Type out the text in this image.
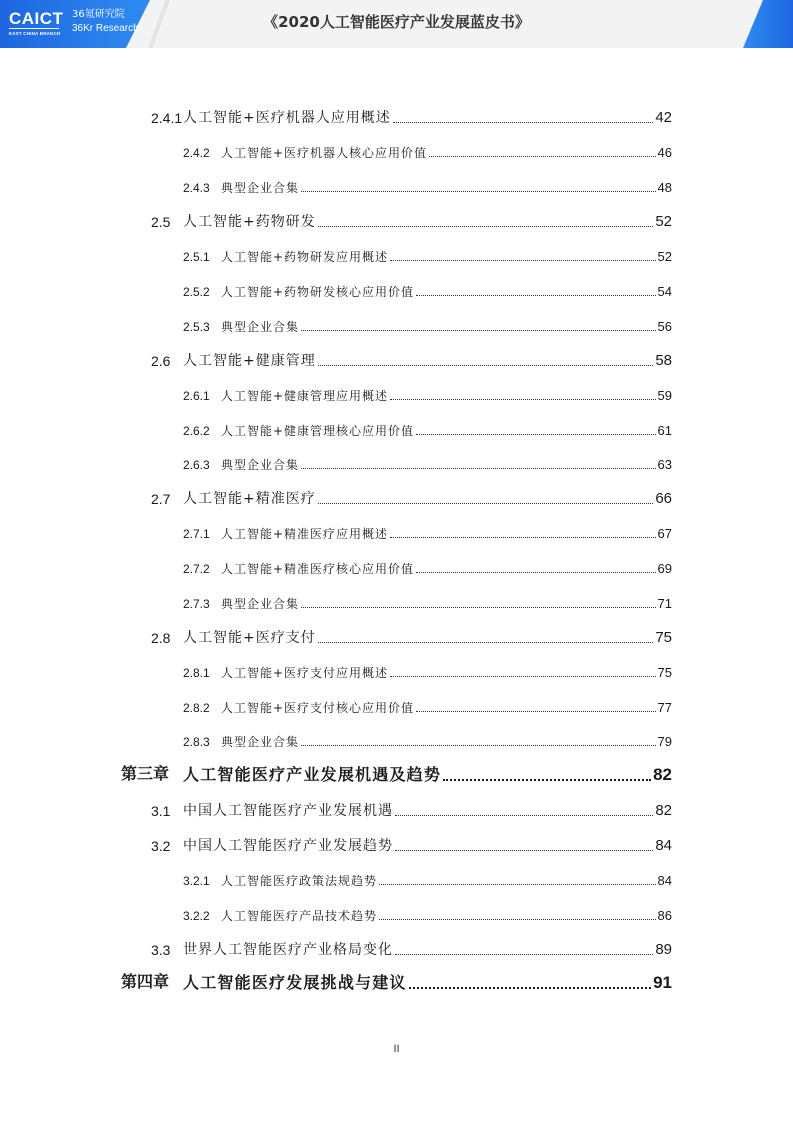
CAICT
EAST CHINA BRANCH
36氪研究院
36Kr Research	《2020人工智能医疗产业发展蓝皮书》
2.4.1 人工智能+医疗机器人应用概述	42
2.4.2 人工智能+医疗机器人核心应用价值	46
2.4.3 典型企业合集	48
2.5 人工智能+药物研发	52
2.5.1 人工智能+药物研发应用概述	52
2.5.2 人工智能+药物研发核心应用价值	54
2.5.3 典型企业合集	56
2.6 人工智能+健康管理	58
2.6.1 人工智能+健康管理应用概述	59
2.6.2 人工智能+健康管理核心应用价值	61
2.6.3 典型企业合集	63
2.7 人工智能+精准医疗	66
2.7.1 人工智能+精准医疗应用概述	67
2.7.2 人工智能+精准医疗核心应用价值	69
2.7.3 典型企业合集	71
2.8 人工智能+医疗支付	75
2.8.1 人工智能+医疗支付应用概述	75
2.8.2 人工智能+医疗支付核心应用价值	77
2.8.3 典型企业合集	79
第三章 人工智能医疗产业发展机遇及趋势	82
3.1 中国人工智能医疗产业发展机遇	82
3.2 中国人工智能医疗产业发展趋势	84
3.2.1 人工智能医疗政策法规趋势	84
3.2.2 人工智能医疗产品技术趋势	86
3.3 世界人工智能医疗产业格局变化	89
第四章 人工智能医疗发展挑战与建议	91
II
